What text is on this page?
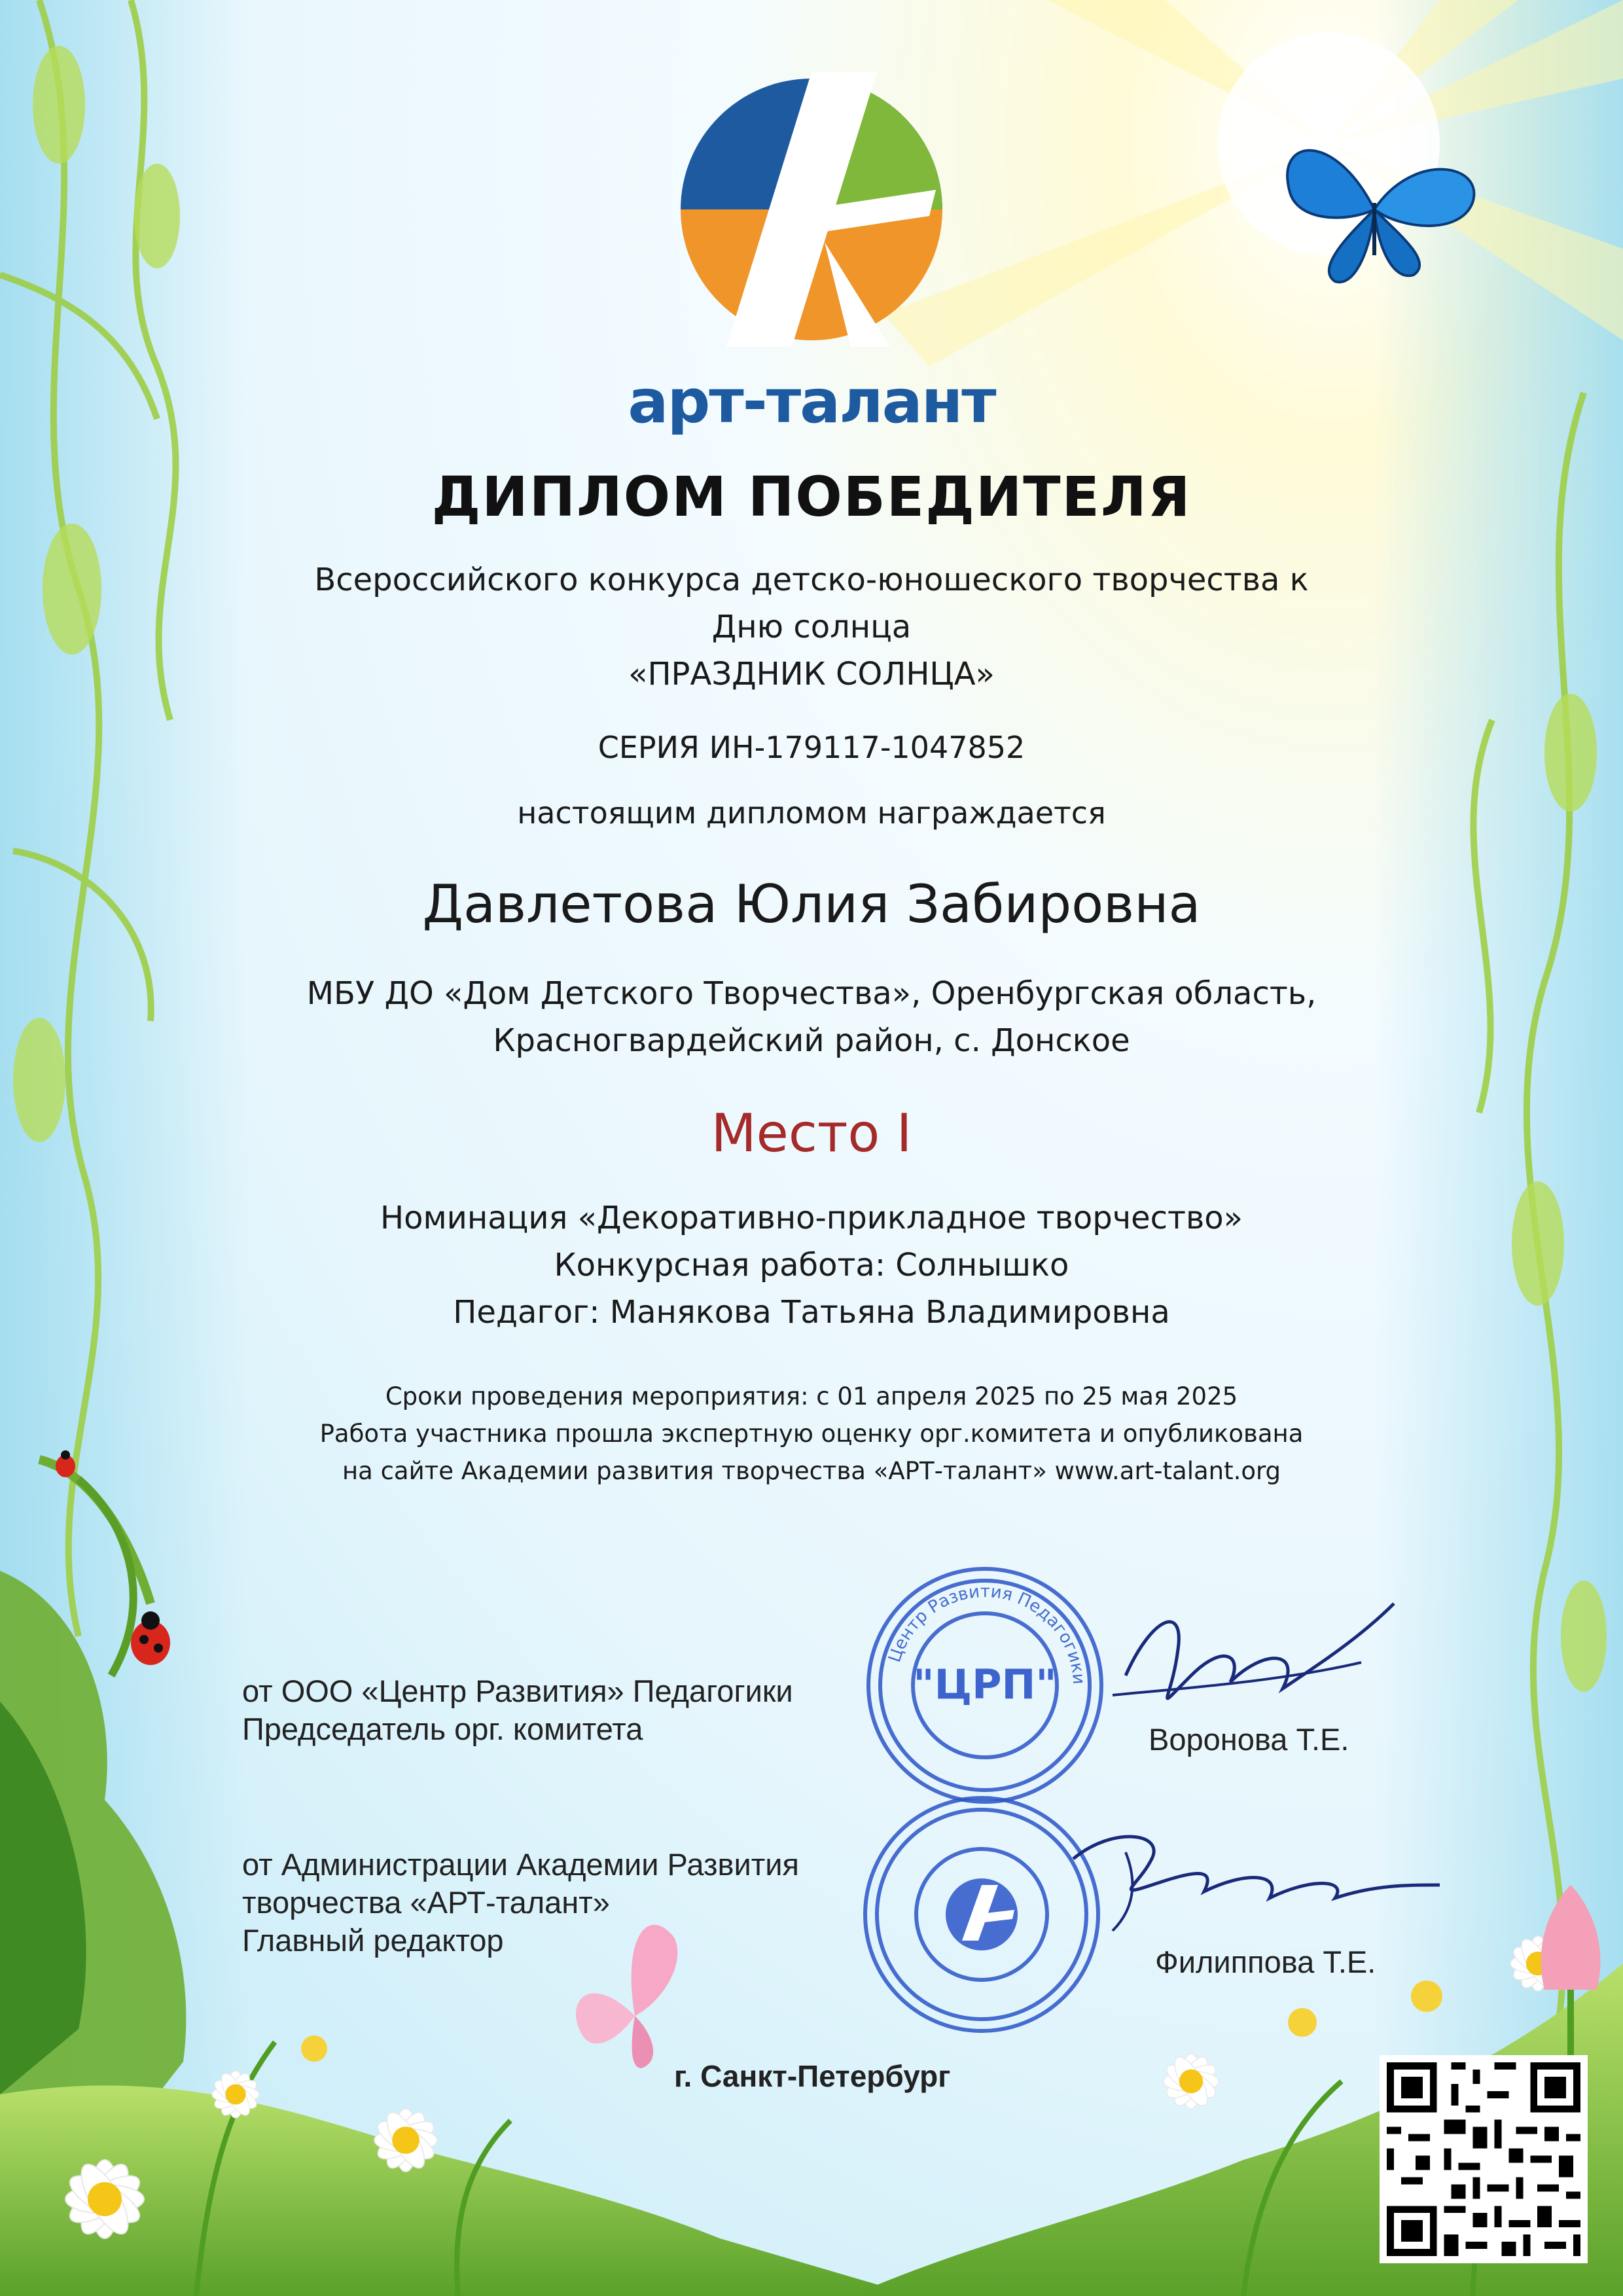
арт-талант
ДИПЛОМ ПОБЕДИТЕЛЯ
Всероссийского конкурса детско-юношеского творчества к
Дню солнца
«ПРАЗДНИК СОЛНЦА»
СЕРИЯ ИН-179117-1047852
настоящим дипломом награждается
Давлетова Юлия Забировна
МБУ ДО «Дом Детского Творчества», Оренбургская область,
Красногвардейский район, с. Донское
Место I
Номинация «Декоративно-прикладное творчество»
Конкурсная работа: Солнышко
Педагог: Манякова Татьяна Владимировна
Сроки проведения мероприятия: с 01 апреля 2025 по 25 мая 2025
Работа участника прошла экспертную оценку орг.комитета и опубликована
на сайте Академии развития творчества «АРТ-талант» www.art-talant.org
"ЦРП"
Центр Развития Педагогики
от ООО «Центр Развития» Педагогики
Председатель орг. комитета	Воронова Т.Е.
от Администрации Академии Развития
творчества «АРТ-талант»
Главный редактор
Филиппова Т.Е.
г. Санкт-Петербург
